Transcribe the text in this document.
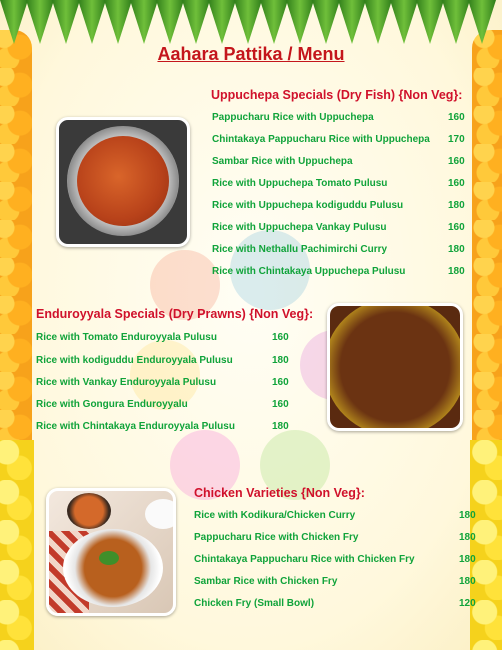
Aahara Pattika / Menu
Uppuchepa Specials (Dry Fish) {Non Veg}:
Pappucharu Rice with Uppuchepa	160
Chintakaya Pappucharu Rice with Uppuchepa 170
Sambar Rice with Uppuchepa	160
Rice with Uppuchepa Tomato Pulusu	160
Rice with Uppuchepa kodiguddu Pulusu	180
Rice with Uppuchepa Vankay Pulusu	160
Rice with Nethallu Pachimirchi Curry	180
Rice with Chintakaya Uppuchepa Pulusu	180
Enduroyyala Specials (Dry Prawns) {Non Veg}:
Rice with Tomato Enduroyyala Pulusu	160
Rice with kodiguddu Enduroyyala Pulusu	180
Rice with Vankay Enduroyyala Pulusu	160
Rice with Gongura Enduroyyalu	160
Rice with Chintakaya Enduroyyala Pulusu	180
Chicken Varieties {Non Veg}:
Rice with Kodikura/Chicken Curry	180
Pappucharu Rice with Chicken Fry	180
Chintakaya Pappucharu Rice with Chicken Fry	180
Sambar Rice with Chicken Fry	180
Chicken Fry (Small Bowl)	120
